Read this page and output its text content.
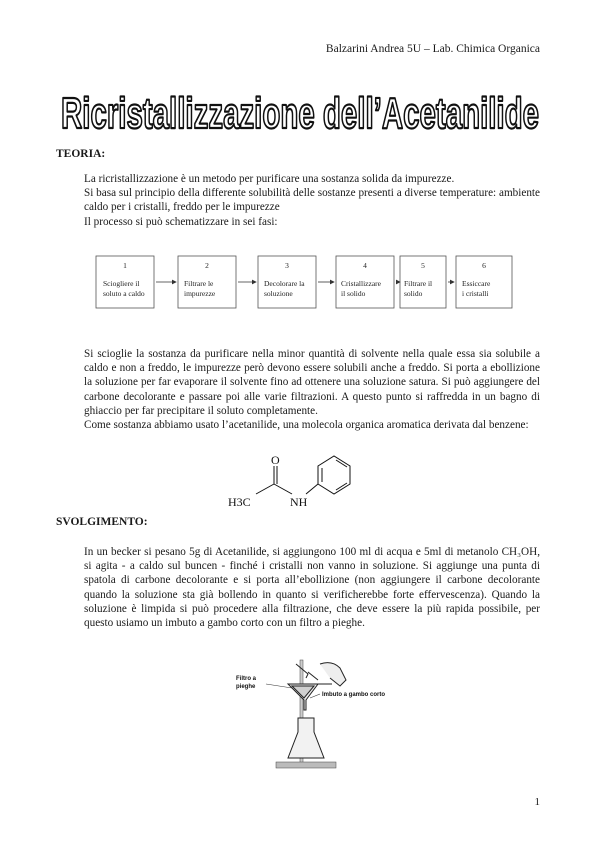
Balzarini Andrea 5U – Lab. Chimica Organica
Ricristallizzazione dell’Acetanilide
TEORIA:

La ricristallizzazione è un metodo per purificare una sostanza solida da impurezze.

Si basa sul principio della differente solubilità delle sostanze presenti a diverse temperature: ambiente caldo per i cristalli, freddo per le impurezze

Il processo si può schematizzare in sei fasi:

1
Sciogliere il
soluto a caldo
2
Filtrare le
impurezze
3
Decolorare la
soluzione
4
Cristallizzare
il solido
5
Filtrare il
solido
6
Essiccare
i cristalli

Si scioglie la sostanza da purificare nella minor quantità di solvente nella quale essa sia solubile a caldo e non a freddo, le impurezze però devono essere solubili anche a freddo. Si porta a ebollizione la soluzione per far evaporare il solvente fino ad ottenere una soluzione satura. Si può aggiungere del carbone decolorante e passare poi alle varie filtrazioni. A questo punto si raffredda in un bagno di ghiaccio per far precipitare il soluto completamente.

Come sostanza abbiamo usato l’acetanilide, una molecola organica aromatica derivata dal benzene:

O
H3C	NH
SVOLGIMENTO:

In un becker si pesano 5g di Acetanilide, si aggiungono 100 ml di acqua e 5ml di metanolo CH₃OH, si agita - a caldo sul buncen - finché i cristalli non vanno in soluzione. Si aggiunge una punta di spatola di carbone decolorante e si porta all’ebollizione (non aggiungere il carbone decolorante quando la soluzione sta già bollendo in quanto si verificherebbe forte effervescenza). Quando la soluzione è limpida si può procedere alla filtrazione, che deve essere la più rapida possibile, per questo usiamo un imbuto a gambo corto con un filtro a pieghe.

Filtro a
pieghe
Imbuto a gambo corto
1
